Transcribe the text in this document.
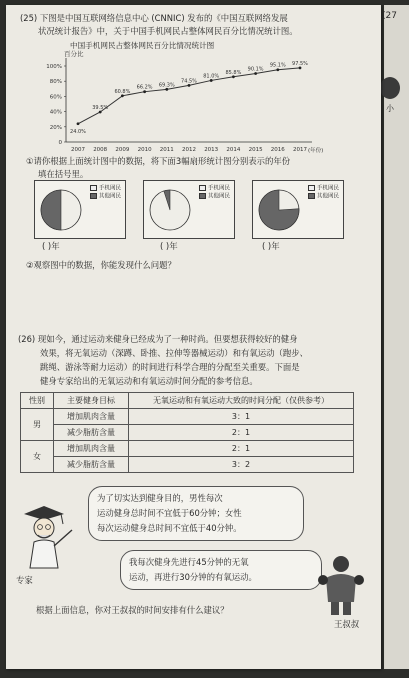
(27
小
(25) 下图是中国互联网络信息中心 (CNNIC) 发布的《中国互联网络发展
状况统计报告》中，关于中国手机网民占整体网民百分比情况统计图。
中国手机网民占整体网民百分比情况统计图
百分比
(年份)
0
20%
40%
60%
80%
100%
2007 2008 2009 2010 2011 2012 2013 2014 2015 2016 2017
24.0%
39.5%
60.8%
66.2% 69.3%
74.5%
81.0%
85.8%
90.1%
95.1% 97.5%
①请你根据上面统计图中的数据，将下面3幅扇形统计图分别表示的年份
填在括号里。
手机网民
其他网民
手机网民
其他网民
手机网民
其他网民
( )年	( )年	( )年
②观察图中的数据，你能发现什么问题？
(26) 现如今，通过运动来健身已经成为了一种时尚。但要想获得较好的健身
效果，将无氧运动（深蹲、卧推、拉伸等器械运动）和有氧运动（跑步、
跳绳、游泳等耐力运动）的时间进行科学合理的分配至关重要。下面是
健身专家给出的无氧运动和有氧运动时间分配的参考信息。
性别	主要健身目标	无氧运动和有氧运动大致的时间分配（仅供参考）
男	增加肌肉含量	3：1
	减少脂肪含量	2：1
女	增加肌肉含量	2：1
	减少脂肪含量	3：2
专家
为了切实达到健身目的，男性每次
运动健身总时间不宜低于60分钟；女性
每次运动健身总时间不宜低于40分钟。
我每次健身先进行45分钟的无氧
运动，再进行30分钟的有氧运动。
王叔叔
根据上面信息，你对王叔叔的时间安排有什么建议？
